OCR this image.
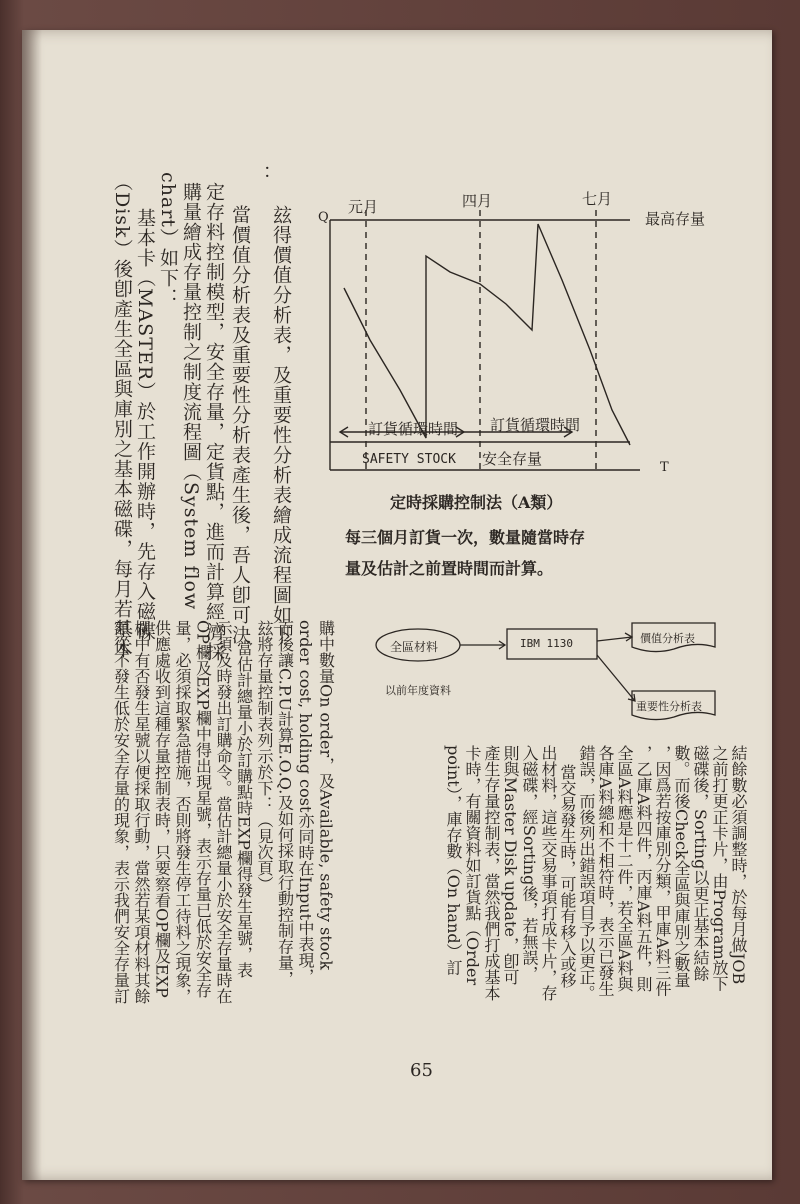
元月	四月	七月
最高存量
Q
T
訂貨循環時間 訂貨循環時間
SAFETY STOCK 安全存量
定時採購控制法（A類）
每三個月訂貨一次，數量隨當時存
量及估計之前置時間而計算。
全區材料
以前年度資料
IBM 1130	價值分析表
重要性分析表
玆得價值分析表，及重要性分析表繪成流程圖如下
：
當價值分析表及重要性分析表產生後，吾人卽可決
定存料控制模型，安全存量，定貨點，進而計算經濟採
購量繪成存量控制之制度流程圖（System flow
chart）如下：
基本卡（MASTER）於工作開辦時，先存入磁碟
（Disk）後卽產生全區與庫別之基本磁碟，每月若基本
結餘數必須調整時，於每月做JOB
之前打更正卡片，由Program放下
磁碟後，Sorting以更正基本結餘
數。而後Check全區與庫別之數量
，因爲若按庫別分類，甲庫A料三件
，乙庫A料四件，丙庫A料五件，則
全區A料應是十二件，若全區A料與
各庫A料總和不相符時，表示已發生
錯誤，而後列出錯誤項目予以更正。
當交易發生時，可能有移入或移
出材料，這些交易事項打成卡片，存
入磁碟，經Sorting後，若無誤，
則與Master Disk update，卽可
產生存量控制表，當然我們打成基本
卡時，有關資料如訂貨點（Order
point），庫存數（On hand）訂
購中數量On order，及Available, safety stock
order cost, holding cost亦同時在Input中表現，
而後讓C.P.U計算E.O.Q.及如何採取行動控制存量，
玆將存量控制表列示於下：（見次頁）
當估計總量小於訂購點時EXP欄得發生星號，表
示須及時發出訂購命令。當估計總量小於安全存量時在
OP欄及EXP欄中得出現星號，表示存量已低於安全存
量，必須採取緊急措施，否則將發生停工待料之現象，
供應處收到這種存量控制表時，只要察看OP欄及EXP
欄中有否發生星號以便採取行動，當然若某項材料其餘
額從不發生低於安全存量的現象，表示我們安全存量訂
65
